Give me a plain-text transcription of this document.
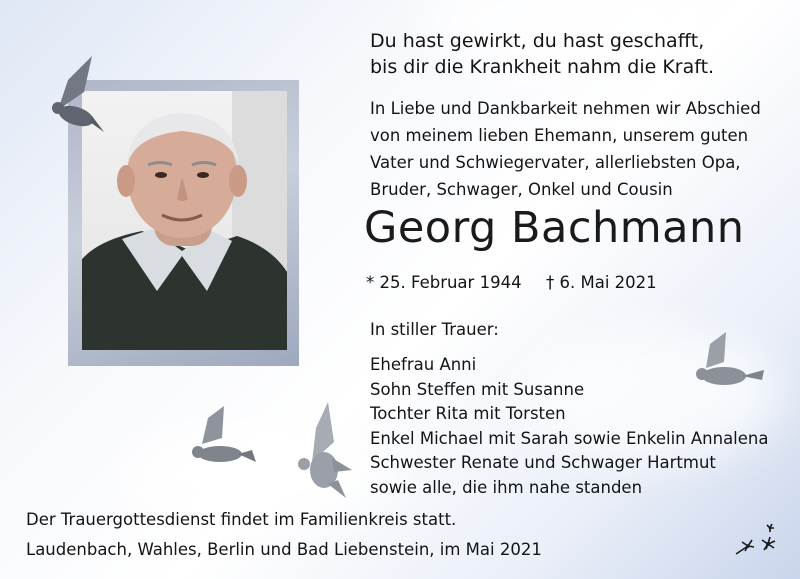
Du hast gewirkt, du hast geschafft,
bis dir die Krankheit nahm die Kraft.

In Liebe und Dankbarkeit nehmen wir Abschied
von meinem lieben Ehemann, unserem guten
Vater und Schwiegervater, allerliebsten Opa,
Bruder, Schwager, Onkel und Cousin

Georg Bachmann

* 25. Februar 1944 † 6. Mai 2021

In stiller Trauer:

Ehefrau Anni
Sohn Steffen mit Susanne
Tochter Rita mit Torsten
Enkel Michael mit Sarah sowie Enkelin Annalena
Schwester Renate und Schwager Hartmut
sowie alle, die ihm nahe standen

Der Trauergottesdienst findet im Familienkreis statt.

Laudenbach, Wahles, Berlin und Bad Liebenstein, im Mai 2021
